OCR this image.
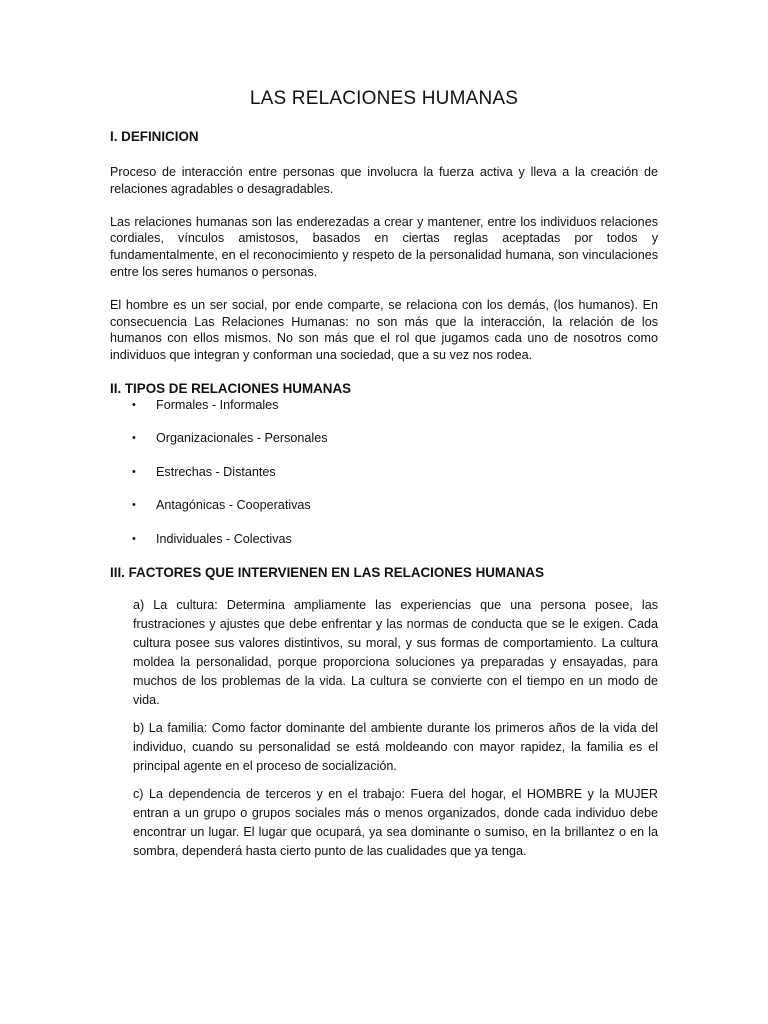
LAS RELACIONES HUMANAS
I. DEFINICION

Proceso de interacción entre personas que involucra la fuerza activa y lleva a la creación de relaciones agradables o desagradables.

Las relaciones humanas son las enderezadas a crear y mantener, entre los individuos relaciones cordiales, vínculos amistosos, basados en ciertas reglas aceptadas por todos y fundamentalmente, en el reconocimiento y respeto de la personalidad humana, son vinculaciones entre los seres humanos o personas.

El hombre es un ser social, por ende comparte, se relaciona con los demás, (los humanos). En consecuencia Las Relaciones Humanas: no son más que la interacción, la relación de los humanos con ellos mismos. No son más que el rol que jugamos cada uno de nosotros como individuos que integran y conforman una sociedad, que a su vez nos rodea.

II. TIPOS DE RELACIONES HUMANAS
• Formales - Informales
• Organizacionales - Personales
• Estrechas - Distantes
• Antagónicas - Cooperativas
• Individuales - Colectivas
III. FACTORES QUE INTERVIENEN EN LAS RELACIONES HUMANAS

a) La cultura: Determina ampliamente las experiencias que una persona posee, las frustraciones y ajustes que debe enfrentar y las normas de conducta que se le exigen. Cada cultura posee sus valores distintivos, su moral, y sus formas de comportamiento. La cultura moldea la personalidad, porque proporciona soluciones ya preparadas y ensayadas, para muchos de los problemas de la vida. La cultura se convierte con el tiempo en un modo de vida.

b) La familia: Como factor dominante del ambiente durante los primeros años de la vida del individuo, cuando su personalidad se está moldeando con mayor rapidez, la familia es el principal agente en el proceso de socialización.

c) La dependencia de terceros y en el trabajo: Fuera del hogar, el HOMBRE y la MUJER entran a un grupo o grupos sociales más o menos organizados, donde cada individuo debe encontrar un lugar. El lugar que ocupará, ya sea dominante o sumiso, en la brillantez o en la sombra, dependerá hasta cierto punto de las cualidades que ya tenga.
